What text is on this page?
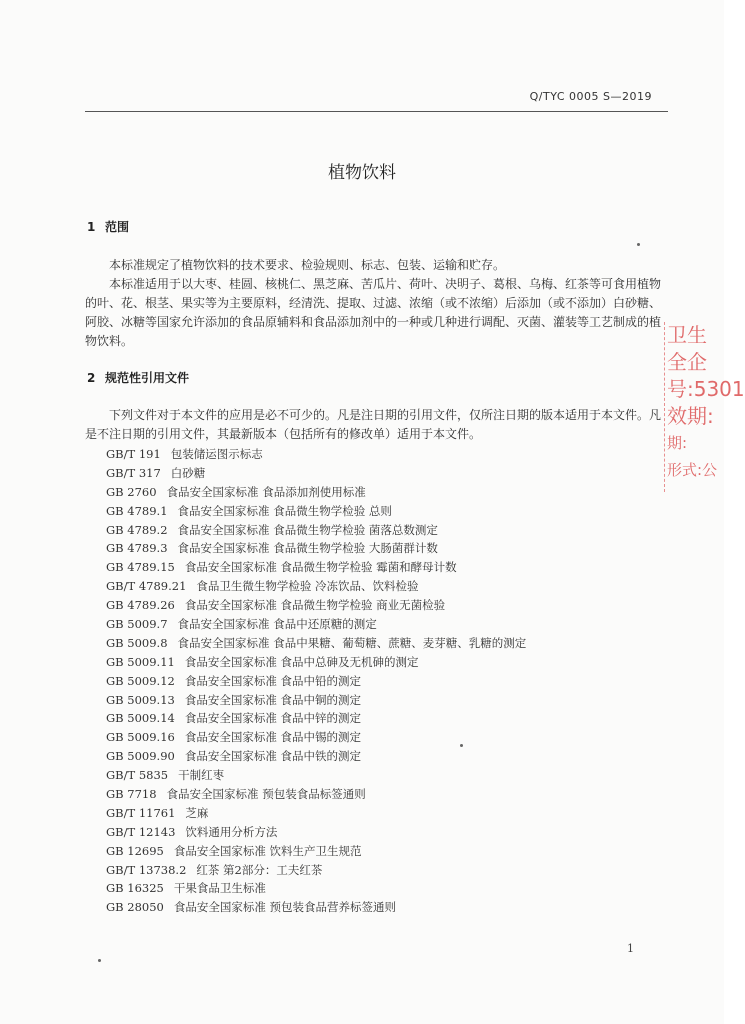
Q/TYC 0005 S—2019
植物饮料
1 范围
本标准规定了植物饮料的技术要求、检验规则、标志、包装、运输和贮存。
本标准适用于以大枣、桂圆、核桃仁、黑芝麻、苦瓜片、荷叶、决明子、葛根、乌梅、红茶等可食用植物的叶、花、根茎、果实等为主要原料，经清洗、提取、过滤、浓缩（或不浓缩）后添加（或不添加）白砂糖、阿胶、冰糖等国家允许添加的食品原辅料和食品添加剂中的一种或几种进行调配、灭菌、灌装等工艺制成的植物饮料。
2 规范性引用文件
下列文件对于本文件的应用是必不可少的。凡是注日期的引用文件，仅所注日期的版本适用于本文件。凡是不注日期的引用文件，其最新版本（包括所有的修改单）适用于本文件。
GB/T 191 包装储运图示标志
GB/T 317 白砂糖
GB 2760 食品安全国家标准 食品添加剂使用标准
GB 4789.1 食品安全国家标准 食品微生物学检验 总则
GB 4789.2 食品安全国家标准 食品微生物学检验 菌落总数测定
GB 4789.3 食品安全国家标准 食品微生物学检验 大肠菌群计数
GB 4789.15 食品安全国家标准 食品微生物学检验 霉菌和酵母计数
GB/T 4789.21 食品卫生微生物学检验 冷冻饮品、饮料检验
GB 4789.26 食品安全国家标准 食品微生物学检验 商业无菌检验
GB 5009.7 食品安全国家标准 食品中还原糖的测定
GB 5009.8 食品安全国家标准 食品中果糖、葡萄糖、蔗糖、麦芽糖、乳糖的测定
GB 5009.11 食品安全国家标准 食品中总砷及无机砷的测定
GB 5009.12 食品安全国家标准 食品中铅的测定
GB 5009.13 食品安全国家标准 食品中铜的测定
GB 5009.14 食品安全国家标准 食品中锌的测定
GB 5009.16 食品安全国家标准 食品中锡的测定
GB 5009.90 食品安全国家标准 食品中铁的测定
GB/T 5835 干制红枣
GB 7718 食品安全国家标准 预包装食品标签通则
GB/T 11761 芝麻
GB/T 12143 饮料通用分析方法
GB 12695 食品安全国家标准 饮料生产卫生规范
GB/T 13738.2 红茶 第2部分：工夫红茶
GB 16325 干果食品卫生标准
GB 28050 食品安全国家标准 预包装食品营养标签通则
1
卫生
全企
号:5301
效期:
期:
形式:公
